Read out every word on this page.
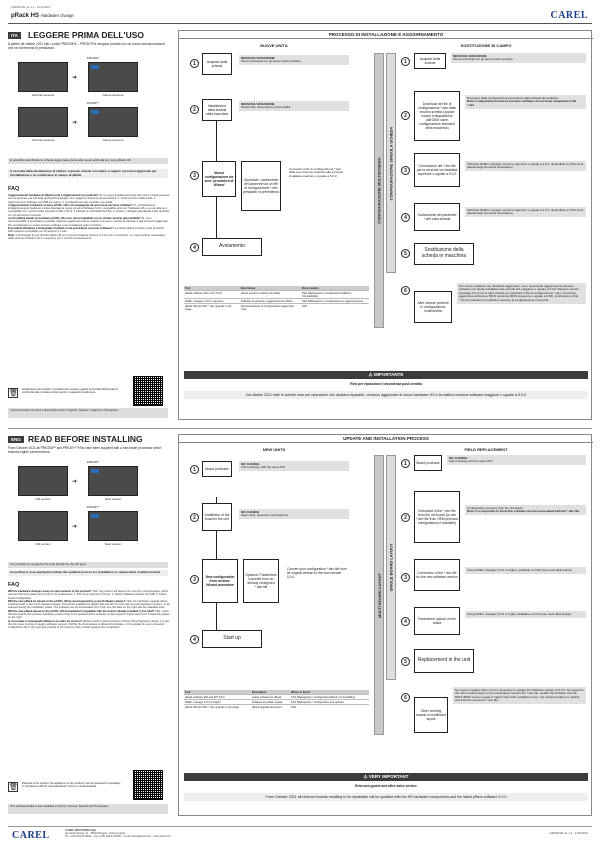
+050001431 rel. 1.1 – 14.09.2021
pRack HS Hardware change	CAREL
ITA	LEGGERE PRIMA DELL'USO
A partire da ottobre 2021 tutti i codici PRK300Pa – PRK30YPa vengono prodotti con un nuovo microprocessore che ne incrementa le prestazioni.
PRK300*
➜
Vecchia versione	Nuova versione
PRK30Y*
➜
Vecchia versione	Nuova versione
E possibile identificare le schede aggiornate grazie alla nuova etichetta con logo pRack HS.
A seconda della destinazione di utilizzo si queste schede si invitano a seguire i processi aggiornati per l'installazione o la sostituzione in campo di pRack
FAQ
I aggiornamenti hardware di pRack porta a miglioramenti nel prodotto? Sì, le nuova ampliamento base del nuove microprocessore che ne assicura una vita della applicazione svolger anni maggiore dotazione da prestazioni: 1. Tempi di avvio ridotti a 20s; 2. Aggiornamento Software via USB più veloce; 3. Configurazione dei controller più rapida.
L'aggiornamento hardware su base pCOS+ HS è accompagnato da una nuova versione software? Sì, continuamente all'aggiornamento hardware è stata rilasciata la nuova versione Software 5.0.0, compatibile solo con l'hardware HS, e a sua volta non compatibile con i vecchi codici precedenti S00 e 3XYF. Il software è scaricabile da KSA, in seriali e i dettagli nella tabella a lato riportata, con gli strumenti a supporto.
I nuovi pRack basati su hardware pCOS+ HS sono retrocompatibili con le schede vecchie già installate? Sì, sono retrocompatibili. Il sensibilità e possibile registrare aggiornare tutte le schede (compresi i vecchi) al software e agli strumenti aggiornati. Per completezza, la nuova versione software è da considerare solo in funzione.
È possibile effettuare il downgrade di pRack a una precedente versione software? Le schede pRack prodotte prima di ottobre 2021 saranno compatibili con la versione 4.x solo.
Nota: Il downgrade di una scheda pRack HS con versione software inferiore a 5.0.0 non è consentito. Le nuove schede necessitano della versione software 5.0.0 o superiore per il corretto funzionamento.
🗑
Smaltimento del prodotto: Il prodotto deve essere oggetto di raccolta differenziata in conformità alle normative locali vigenti in materia di smaltimento.
Il presente foglio istruzioni è disponibile anche in Inglese, Tedesco, Spagnolo e Portoghese.
PROCESSO DI INSTALLAZIONE E AGGIORNAMENTO
NUOVE UNITÀ	SOSTITUZIONE IN CAMPO
1	Acquisto della scheda
NESSUNA VARIAZIONE
Piena continuità con gli stessi codici prodotto
2
Installazione della scheda nella macchina
NESSUNA VARIAZIONE
Stessi I/Os, dimensioni e funzionalità
3	Nuova configurazione da zero: procedura di Wizard
Opzionale: caricamento dei parametri da un file di configurazione *.dev preparato in precedenza
Convertire il file di configurazione *.dev dalla sua versione originale alla versione installata superiore o uguale a 5.0.0
4	Avviamento
Tool	Descrizione	Dove trovarlo
pRack software 300 e 30Y 5.0.0	Ultima versione software di pRack	KSA (Webupports / Configurazione/pRack / Compatibilità)
RHEC manager 2.9.3 o superiore	Software di gestione e aggiornamento pRack	KSA (Webupports / Configurazione e aggiornamento)
pRack 300 and 30Y *.dev upgrade in the range	Documentazione di configurazione aggiornata *.dev	KSA
CONFIGURAZIONE MULTISCHEDA CONFIGURAZIONE SINGOLA SCHEDA
1	Acquisto della scheda
NESSUNA VARIAZIONE
Piena continuità con gli stessi codici prodotto
2
Download del file di configurazione *.dev dalla vecchia scheda (oppure messo a disposizione dall'OEM come configurazione standard della macchina)
Recupero della configurazione precedente dalla scheda da sostituire.
Nota: è importante trovare la versione software da cui viene recuperato il file *.dev
3
Conversione del *.dev file per la versione sw installata superiore o uguale a 5.0.0
Utilizzare RHEC manager versione superiore o uguale a 2.9.3, disponibile su KSA (vedi tabella degli strumenti sottostante)
4	Caricamento del parametri *.dev sulla scheda
Utilizzare RHEC manager versione superiore o uguale a 2.9.3, disponibile su KSA (vedi tabella degli strumenti sottostante)
5
Sostituzione della scheda in macchina
6
Altre schede presenti in configurazione multischeda
Non serve sostituire con hardware aggiornato, ma è necessario aggiornare la versione software con quella installata nelle schede HS maggiore o uguale a 5.0.0. Ripetere quindi i passaggi 2,3,4 con le altre schede per scaricare il file di configurazione *.dev, convertirlo, aggiornare software e BIOS (versione BIOS superiore o uguale a 6.60), continuato nel file *.zip del software) sul pRack e caricare la configurazione convertita.
⚠ IMPORTANTE
Resi per riparazioni e assistenza post-vendita
Da ottobre 2021 tutte le schede rese per riparazioni che risultano riparabili, verranno aggiornate al nuovo hardware HS e la relativa versione software maggiore o uguale a 5.0.0
ENG READ BEFORE INSTALLING
From October 2021 all PRK300P* and PRK30Y* P/Ns have been supplied with a new faster processor which ensures higher performances.
PRK300*
➜
Old version	New version
PRK30Y*
➜
Old version	New version
It is possible to recognize the new boards by the HS logo.
According to your application follow the updated process for installation or replacement of pRack boards
FAQ
Will the hardware changes mean an improvement to the product? YES, the product will feature the new HS microprocessor, which ensures that times faster and a half on its predecessor. 1. Boot time reduced to 20 sec; 2. Faster Software updates via USB; 3. Faster board configuration.
Will the new pRack be based on the pCOS+ HS be accompanied by a new Software release? YES, the hardware upgrade will be combined with a new 5.0.0 software release. This will be available for pRack 300 and 30Y for both new and old hardware versions, to be selected during the installation phase. The software can be downloaded from KSA, see the table on the right with the available tools.
Will the new pRack based on the pCOS+ HS be backward compatible with the boards already installed in the field? YES, notice that the boards with previous hardware version have to be updated with a software version equal or higher than 5.0.0. Follow the guides on the right.
Is it possible to downgrade pRack to an older sw version? pRack boards produced before October 2021 (hardware version 2.x) are the only ones running on legacy software versions. NOTE: the downgrades of pRack HS software, or the upload of a non-converted configuration file to the permanent board of the board in case of back-up/pack are not allowed.
🗑
Disposal of the product: the appliance (or the product) must be disposed of separately in compliance with the local standards in force on waste disposal.
This technical leaflet is also available in French, German, Spanish and Portuguese.
UPDATE AND INSTALLATION PROCESS
NEW UNITS	FIELD REPLACEMENT
1	Board purchase
NO CHANGE
Full continuity, with the same P/N
2	Installation of the board in the unit
NO CHANGE
Same I/Os, dimension and features
3	New configuration from scratch: Wizard procedure
Optional: Parameters imported from an already configured *.dev file
Convert your configuration *.dev file from its original version to the new release 5.0.0
4	Start up
Tool	Description	Where to find it
pRack software 300 and 30Y 5.0.0	Latest software for pRack	KSA (Webupports / Configuration/pRack / Compatibility)
RHEC manager 2.9.3 or higher	Software for pRack update	KSA (Webupports / Configuration and update)
pRack 300 and 30Y *.dev upgrade in the range	pRack upgrade document	KSA
MULTI BOARD LAYOUT
SINGLE BOARD LAYOUT
1	Board purchase
NO CHANGE
Full continuity with the same P/N
2
Download of the *.dev file from the old board (or use *.dev file from OEM previous configurations if available)
Configuration recovery from the old board.
Note: it is important to know the software version associated with the *.dev file
3
Conversion of the *.dev file for the new software version
Using RHEC manager 2.9.3 or higher, available on KSA (see tools table below)
4	Parameters upload on the board
Using RHEC manager 2.9.3 or higher available on KSA (see tools table below)
5	Replacement in the unit
6
Other working boards in multiboard layout
No need to replace them, but it's necessary to update the Software version to 5.0.0. So repeat for the other boards steps 2,3,4 to download, convert the *.dev file, update the software and the BIOS (BIOS version equal or higher than 6.60, available in the *.zip software folder) on pRack and load the converted *.dev file.
⚠ VERY IMPORTANT
Returned goods and after-sales service
From October 2021 all returned boards resulting to be repairable will be updated with the HS hardware components and the latest pRack software 5.0.0
CAREL	CAREL INDUSTRIES HQs
Via dell'Industria, 11 - 35020 Brugine - Padova (Italy)
Tel. (+39) 049 9716611 - Fax (+39) 049 9716600 - e-mail: carel@carel.com - www.carel.com
+050001431 rel. 1.1 – 14.09.2021
